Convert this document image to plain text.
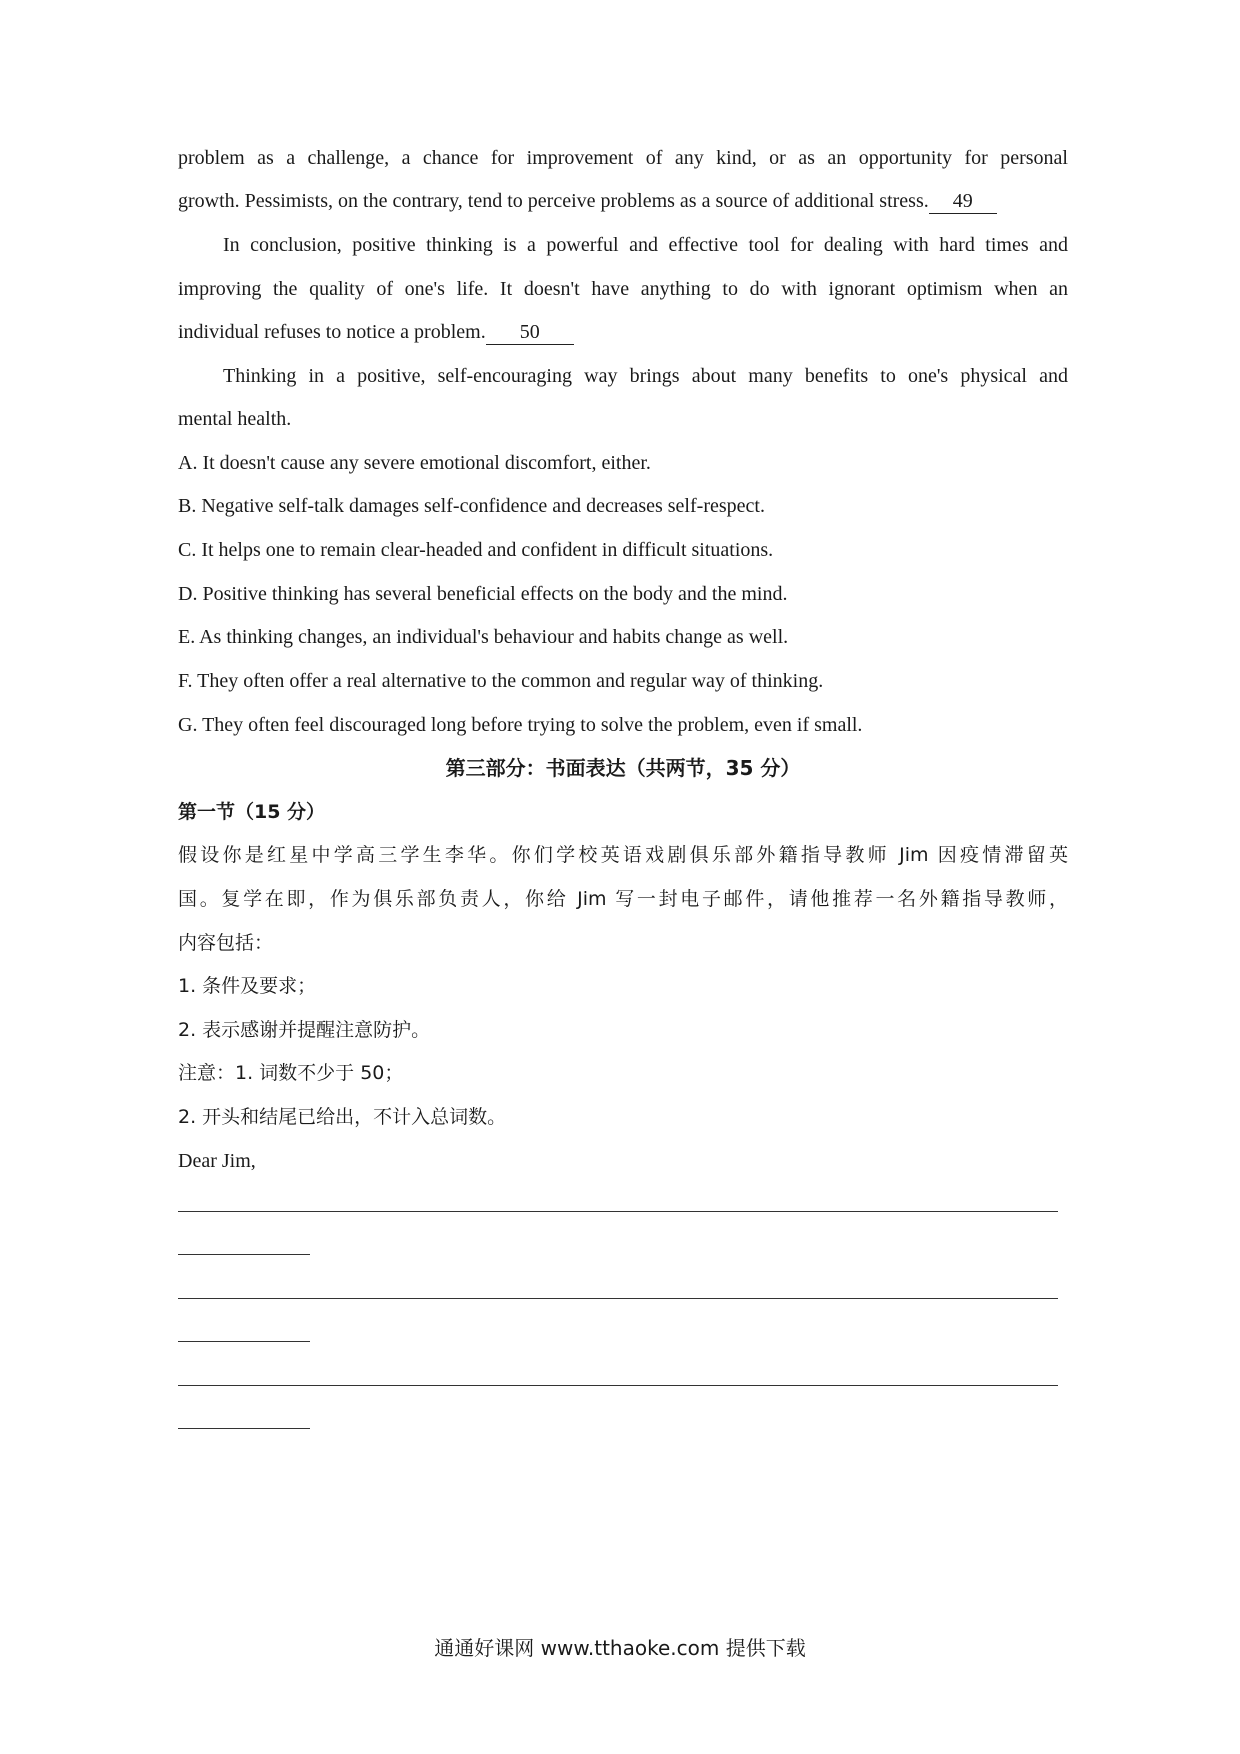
problem as a challenge, a chance for improvement of any kind, or as an opportunity for personal
growth. Pessimists, on the contrary, tend to perceive problems as a source of additional stress. 49
In conclusion, positive thinking is a powerful and effective tool for dealing with hard times and
improving the quality of one's life. It doesn't have anything to do with ignorant optimism when an
individual refuses to notice a problem. 50
Thinking in a positive, self-encouraging way brings about many benefits to one's physical and
mental health.
A. It doesn't cause any severe emotional discomfort, either.
B. Negative self-talk damages self-confidence and decreases self-respect.
C. It helps one to remain clear-headed and confident in difficult situations.
D. Positive thinking has several beneficial effects on the body and the mind.
E. As thinking changes, an individual's behaviour and habits change as well.
F. They often offer a real alternative to the common and regular way of thinking.
G. They often feel discouraged long before trying to solve the problem, even if small.
第三部分：书面表达（共两节，35 分）
第一节（15 分）
假设你是红星中学高三学生李华。你们学校英语戏剧俱乐部外籍指导教师 Jim 因疫情滞留英
国。复学在即，作为俱乐部负责人，你给 Jim 写一封电子邮件，请他推荐一名外籍指导教师，
内容包括：
1. 条件及要求；
2. 表示感谢并提醒注意防护。
注意：1. 词数不少于 50；
2. 开头和结尾已给出，不计入总词数。
Dear Jim,
通通好课网 www.tthaoke.com 提供下载
